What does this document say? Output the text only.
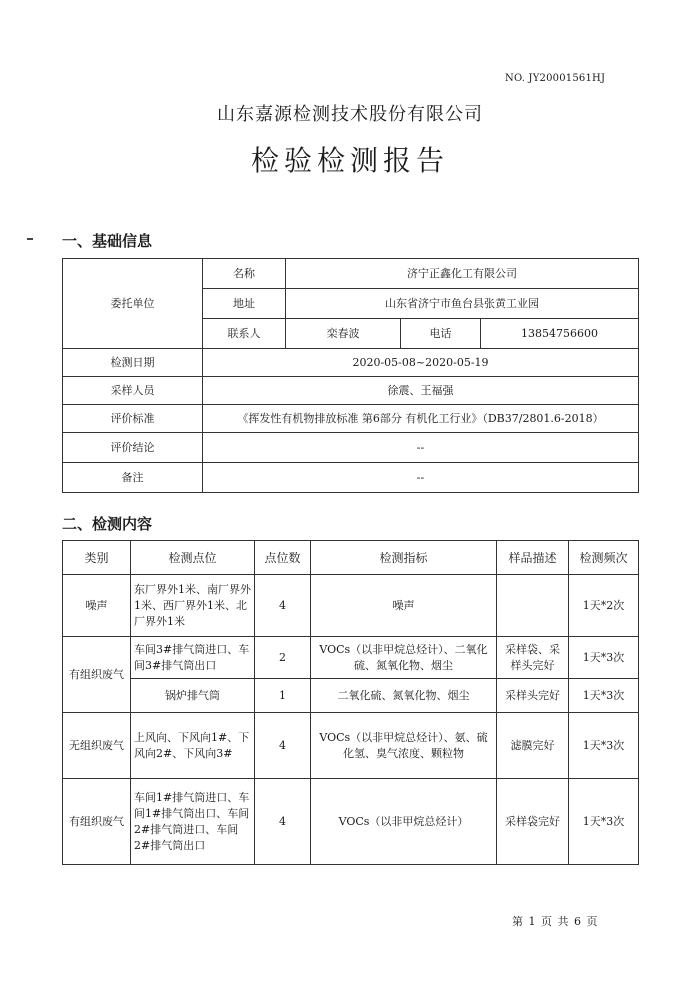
NO. JY20001561HJ
山东嘉源检测技术股份有限公司
检验检测报告
一、基础信息
委托单位	名称	济宁正鑫化工有限公司		
	地址	山东省济宁市鱼台县张黄工业园		
	联系人	栾春波	电话	13854756600
检测日期	2020-05-08~2020-05-19			
采样人员	徐震、王福强			
评价标准	《挥发性有机物排放标准 第6部分 有机化工行业》（DB37/2801.6-2018）			
评价结论	--			
备注	--			
二、检测内容
类别	检测点位	点位数	检测指标	样品描述	检测频次
噪声	东厂界外1米、南厂界外1米、西厂界外1米、北厂界外1米	4	噪声		1天*2次
有组织废气	车间3#排气筒进口、车间3#排气筒出口	2	VOCs（以非甲烷总烃计）、二氧化硫、氮氧化物、烟尘	采样袋、采样头完好	1天*3次
	锅炉排气筒	1	二氧化硫、氮氧化物、烟尘	采样头完好	1天*3次
无组织废气	上风向、下风向1#、下风向2#、下风向3#	4	VOCs（以非甲烷总烃计）、氨、硫化氢、臭气浓度、颗粒物	滤膜完好	1天*3次
有组织废气	车间1#排气筒进口、车间1#排气筒出口、车间2#排气筒进口、车间2#排气筒出口	4	VOCs（以非甲烷总烃计）	采样袋完好	1天*3次
第 1 页 共 6 页
